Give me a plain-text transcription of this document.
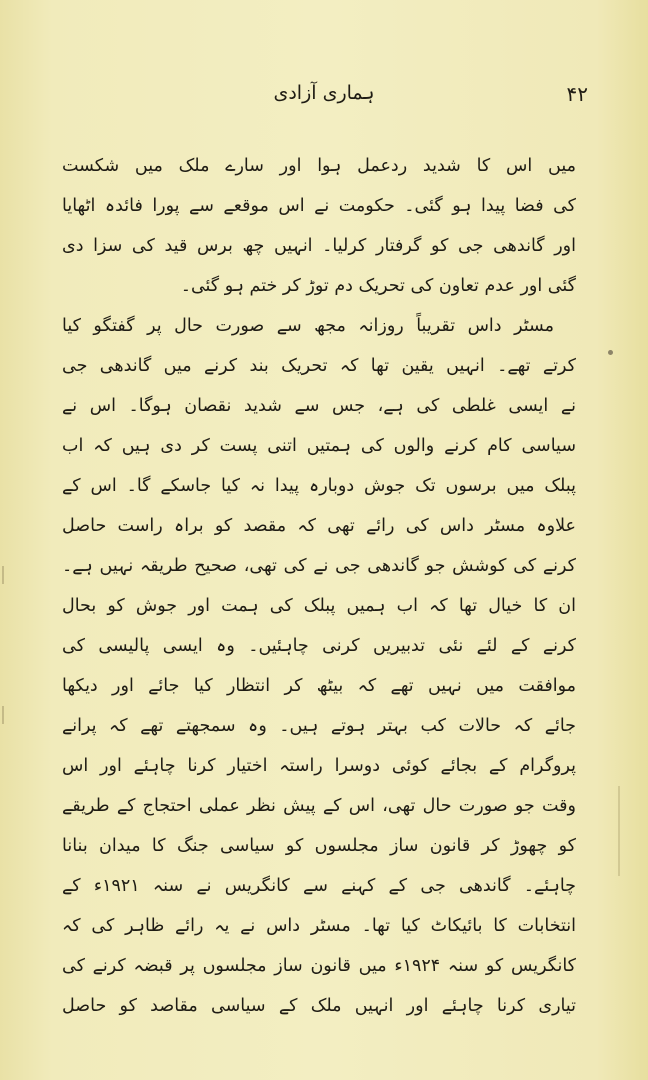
۴۲
ہماری آزادی
میں اس کا شدید ردعمل ہوا اور سارے ملک میں شکست
کی فضا پیدا ہو گئی۔ حکومت نے اس موقعے سے پورا فائدہ اٹھایا
اور گاندھی جی کو گرفتار کرلیا۔ انہیں چھ برس قید کی سزا دی
گئی اور عدم تعاون کی تحریک دم توڑ کر ختم ہو گئی۔
مسٹر داس تقریباً روزانہ مجھ سے صورت حال پر گفتگو کیا
کرتے تھے۔ انہیں یقین تھا کہ تحریک بند کرنے میں گاندھی جی
نے ایسی غلطی کی ہے، جس سے شدید نقصان ہوگا۔ اس نے
سیاسی کام کرنے والوں کی ہمتیں اتنی پست کر دی ہیں کہ اب
پبلک میں برسوں تک جوش دوبارہ پیدا نہ کیا جاسکے گا۔ اس کے
علاوہ مسٹر داس کی رائے تھی کہ مقصد کو براہ راست حاصل
کرنے کی کوشش جو گاندھی جی نے کی تھی، صحیح طریقہ نہیں ہے۔
ان کا خیال تھا کہ اب ہمیں پبلک کی ہمت اور جوش کو بحال
کرنے کے لئے نئی تدبیریں کرنی چاہئیں۔ وہ ایسی پالیسی کی
موافقت میں نہیں تھے کہ بیٹھ کر انتظار کیا جائے اور دیکھا
جائے کہ حالات کب بہتر ہوتے ہیں۔ وہ سمجھتے تھے کہ پرانے
پروگرام کے بجائے کوئی دوسرا راستہ اختیار کرنا چاہئے اور اس
وقت جو صورت حال تھی، اس کے پیش نظر عملی احتجاج کے طریقے
کو چھوڑ کر قانون ساز مجلسوں کو سیاسی جنگ کا میدان بنانا
چاہئے۔ گاندھی جی کے کہنے سے کانگریس نے سنہ ۱۹۲۱ء کے
انتخابات کا بائیکاٹ کیا تھا۔ مسٹر داس نے یہ رائے ظاہر کی کہ
کانگریس کو سنہ ۱۹۲۴ء میں قانون ساز مجلسوں پر قبضہ کرنے کی
تیاری کرنا چاہئے اور انہیں ملک کے سیاسی مقاصد کو حاصل
